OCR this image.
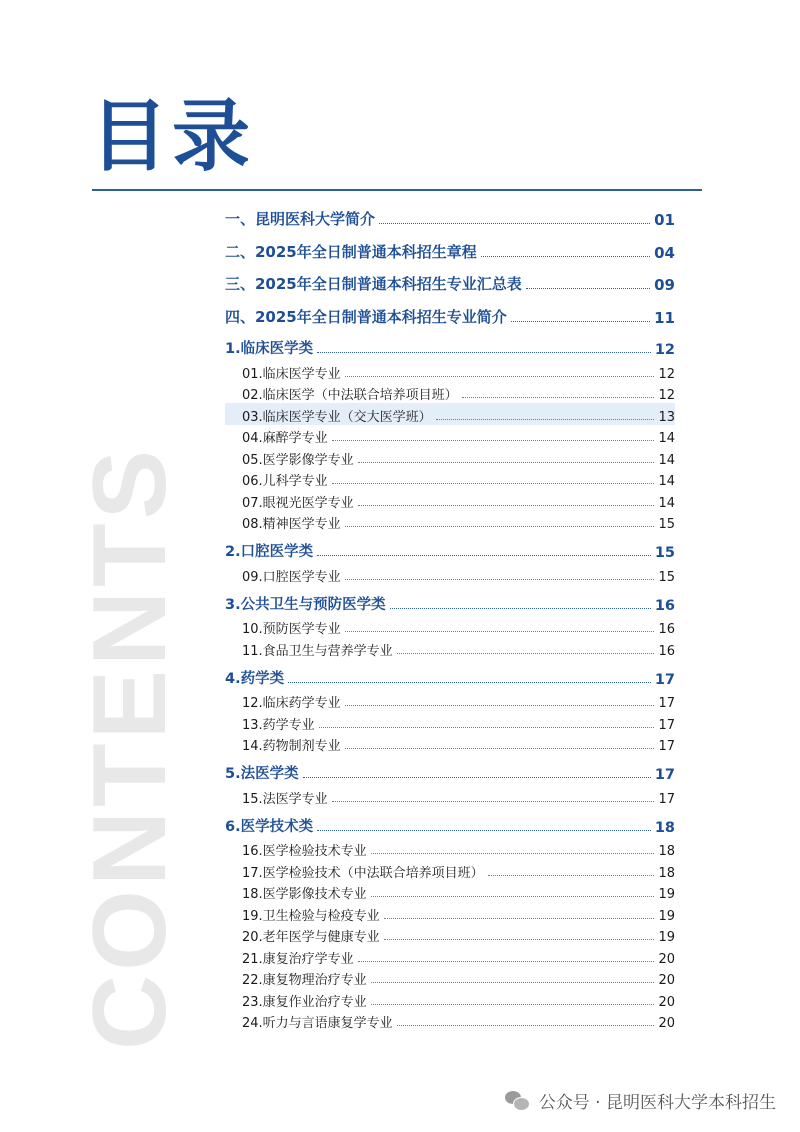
目录
CONTENTS
一、昆明医科大学简介	01
二、2025年全日制普通本科招生章程	04
三、2025年全日制普通本科招生专业汇总表	09
四、2025年全日制普通本科招生专业简介	11
1.临床医学类	12
01.临床医学专业	12
02.临床医学（中法联合培养项目班）	12
03.临床医学专业（交大医学班）	13
04.麻醉学专业	14
05.医学影像学专业	14
06.儿科学专业	14
07.眼视光医学专业	14
08.精神医学专业	15
2.口腔医学类	15
09.口腔医学专业	15
3.公共卫生与预防医学类	16
10.预防医学专业	16
11.食品卫生与营养学专业	16
4.药学类	17
12.临床药学专业	17
13.药学专业	17
14.药物制剂专业	17
5.法医学类	17
15.法医学专业	17
6.医学技术类	18
16.医学检验技术专业	18
17.医学检验技术（中法联合培养项目班）	18
18.医学影像技术专业	19
19.卫生检验与检疫专业	19
20.老年医学与健康专业	19
21.康复治疗学专业	20
22.康复物理治疗专业	20
23.康复作业治疗专业	20
24.听力与言语康复学专业	20
公众号 · 昆明医科大学本科招生
